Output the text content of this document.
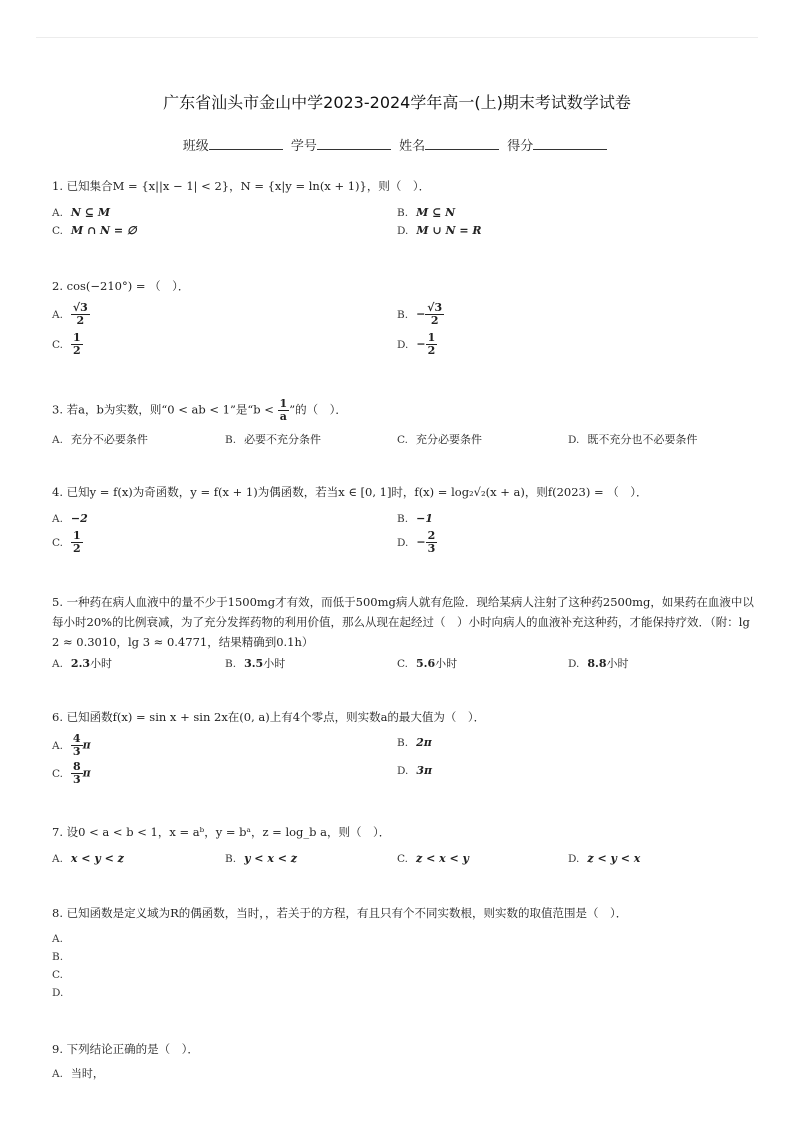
广东省汕头市金山中学2023-2024学年高一(上)期末考试数学试卷
班级	学号	姓名	得分

1. 已知集合M = {x||x − 1| < 2}，N = {x|y = ln(x + 1)}，则（　）．

A. N ⊆ M	B. M ⊆ N
C. M ∩ N = ∅	D. M ∪ N = R

2. cos(−210°) = （　）．

A. $\frac{√3}{2}$	B. − $\frac{√3}{2}$
C. $\frac{1}{2}$	D. − $\frac{1}{2}$

3. 若a，b为实数，则“0 < ab < 1”是“$b < \frac{1}{a}$ ”的（　）．

A. 充分不必要条件	B. 必要不充分条件	C. 充分必要条件	D. 既不充分也不必要条件

4. 已知y = f(x)为奇函数，y = f(x + 1)为偶函数，若当x ∈ [0, 1]时，f(x) = log₂√₂(x + a)，则f(2023) = （　）．

A. −2	B. −1
C. $\frac{1}{2}$	D. − $\frac{2}{3}$

5. 一种药在病人血液中的量不少于1500mg才有效，而低于500mg病人就有危险．现给某病人注射了这种药2500mg，如果药在血液中以每小时20%的比例衰减，为了充分发挥药物的利用价值，那么从现在起经过（　）小时向病人的血液补充这种药，才能保持疗效．（附：lg 2 ≈ 0.3010，lg 3 ≈ 0.4771，结果精确到0.1h）

A. 2.3小时	B. 3.5小时	C. 5.6小时	D. 8.8小时

6. 已知函数f(x) = sin x + sin 2x在(0, a)上有4个零点，则实数a的最大值为（　）．

A. $\frac{4}{3}$ π	B. 2π
C. $\frac{8}{3}$ π	D. 3π

7. 设0 < a < b < 1，x = aᵇ，y = bᵃ，z = log_b a，则（　）．

A. x < y < z	B. y < x < z	C. z < x < y	D. z < y < x

8. 已知函数是定义域为R的偶函数，当时，，若关于的方程，有且只有个不同实数根，则实数的取值范围是（　）．

A.
B.
C.
D.

9. 下列结论正确的是（　）．

A. 当时，
